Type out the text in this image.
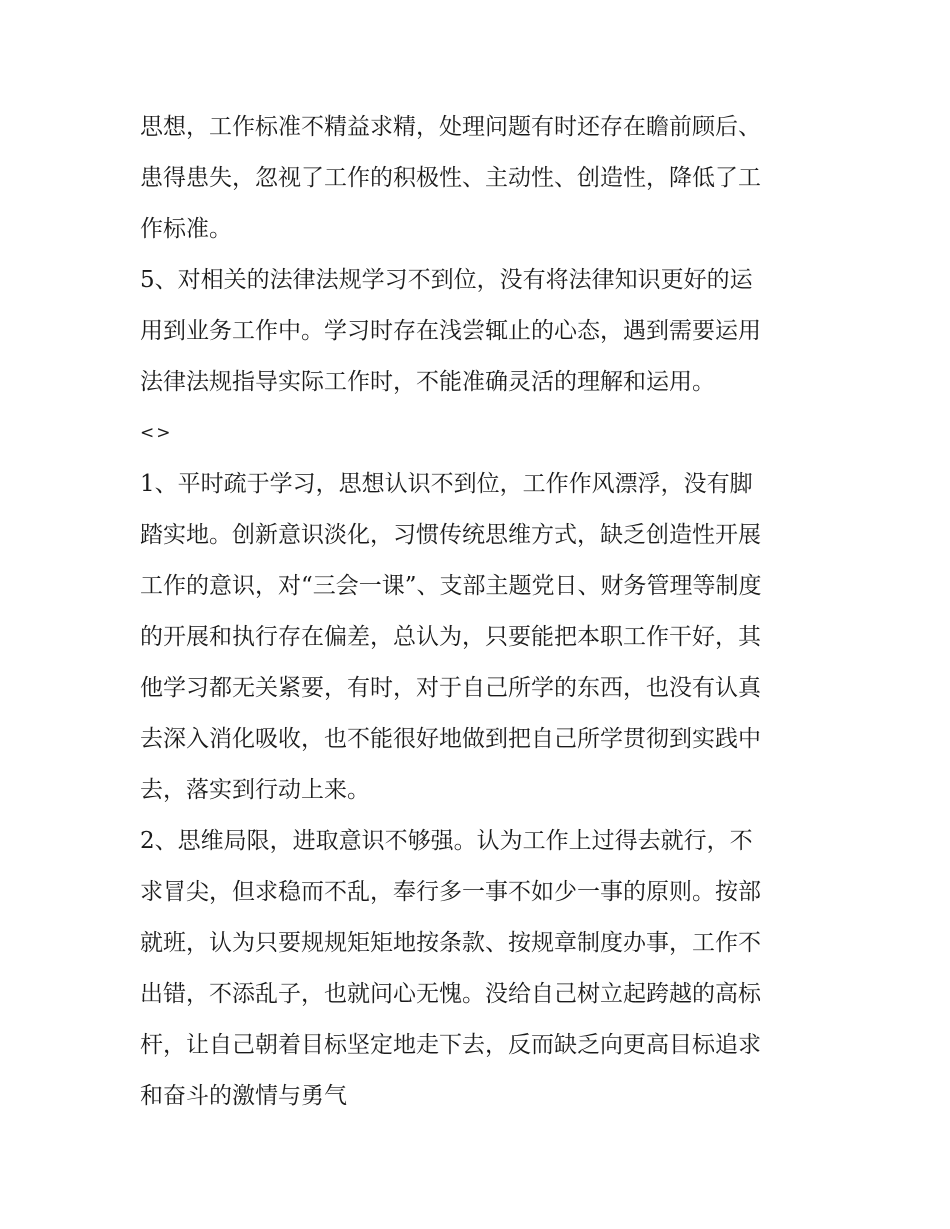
思想，工作标准不精益求精，处理问题有时还存在瞻前顾后、
患得患失，忽视了工作的积极性、主动性、创造性，降低了工
作标准。
5、对相关的法律法规学习不到位，没有将法律知识更好的运
用到业务工作中。学习时存在浅尝辄止的心态，遇到需要运用
法律法规指导实际工作时，不能准确灵活的理解和运用。
<>
1、平时疏于学习，思想认识不到位，工作作风漂浮，没有脚
踏实地。创新意识淡化，习惯传统思维方式，缺乏创造性开展
工作的意识，对“三会一课”、支部主题党日、财务管理等制度
的开展和执行存在偏差，总认为，只要能把本职工作干好，其
他学习都无关紧要，有时，对于自己所学的东西，也没有认真
去深入消化吸收，也不能很好地做到把自己所学贯彻到实践中
去，落实到行动上来。
2、思维局限，进取意识不够强。认为工作上过得去就行，不
求冒尖，但求稳而不乱，奉行多一事不如少一事的原则。按部
就班，认为只要规规矩矩地按条款、按规章制度办事，工作不
出错，不添乱子，也就问心无愧。没给自己树立起跨越的高标
杆，让自己朝着目标坚定地走下去，反而缺乏向更高目标追求
和奋斗的激情与勇气
